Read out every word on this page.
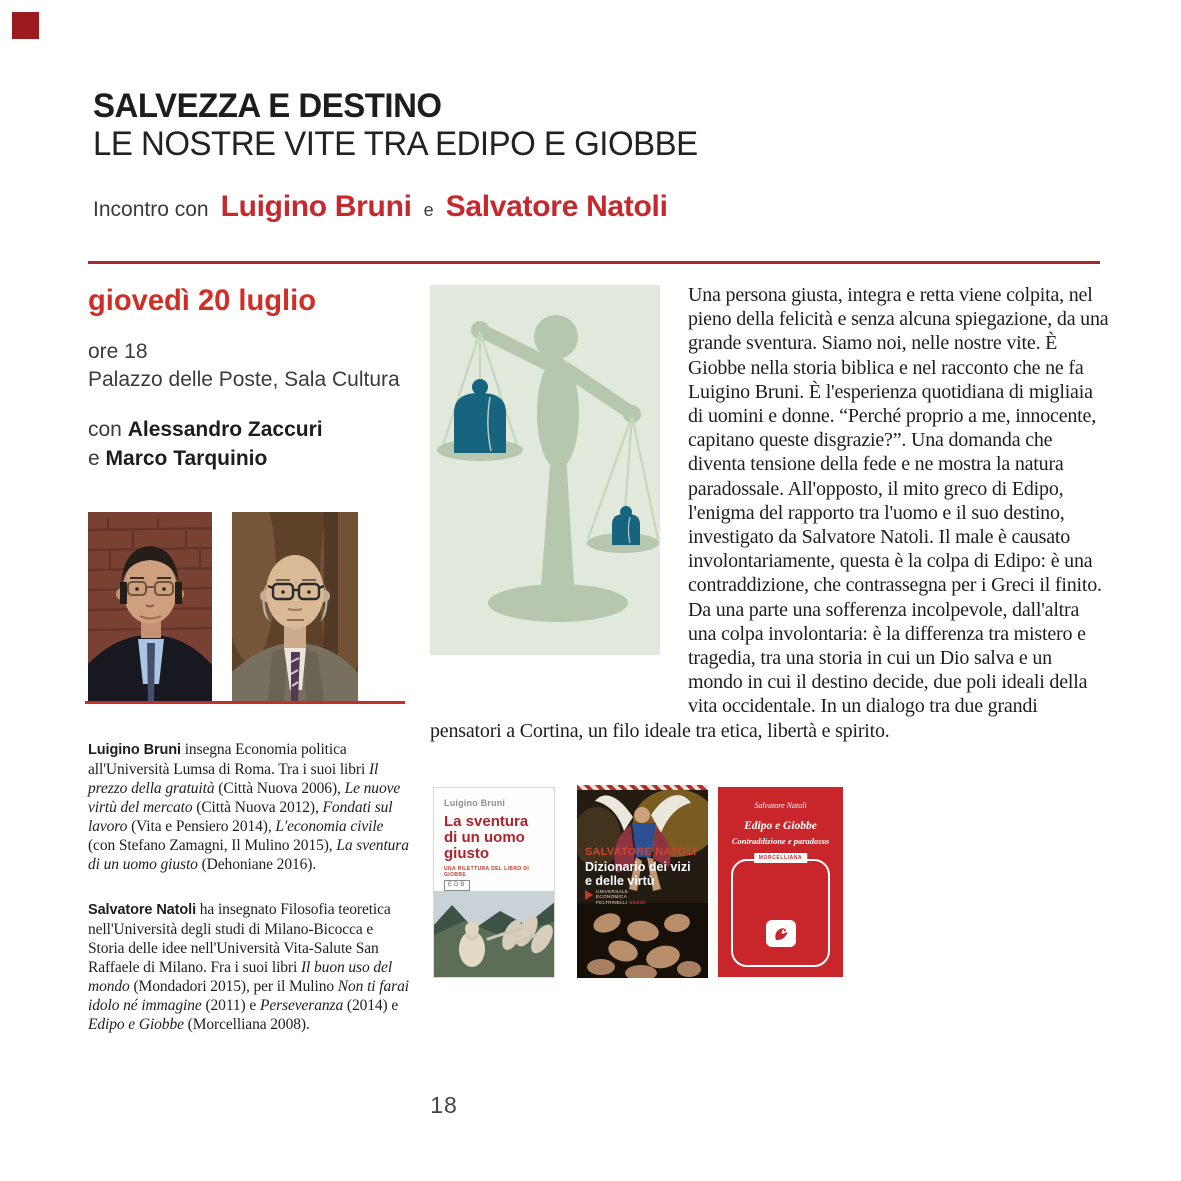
SALVEZZA E DESTINO
LE NOSTRE VITE TRA EDIPO E GIOBBE
Incontro con Luigino Bruni e Salvatore Natoli
giovedì 20 luglio
ore 18
Palazzo delle Poste, Sala Cultura
con Alessandro Zaccuri
e Marco Tarquinio

Luigino Bruni insegna Economia politica all'Università Lumsa di Roma. Tra i suoi libri Il prezzo della gratuità (Città Nuova 2006), Le nuove virtù del mercato (Città Nuova 2012), Fondati sul lavoro (Vita e Pensiero 2014), L'economia civile (con Stefano Zamagni, Il Mulino 2015), La sventura di un uomo giusto (Dehoniane 2016).

Salvatore Natoli ha insegnato Filosofia teoretica nell'Università degli studi di Milano-Bicocca e Storia delle idee nell'Università Vita-Salute San Raffaele di Milano. Fra i suoi libri Il buon uso del mondo (Mondadori 2015), per il Mulino Non ti farai idolo né immagine (2011) e Perseveranza (2014) e Edipo e Giobbe (Morcelliana 2008).

Una persona giusta, integra e retta viene colpita, nel pieno della felicità e senza alcuna spiegazione, da una grande sventura. Siamo noi, nelle nostre vite. È Giobbe nella storia biblica e nel racconto che ne fa Luigino Bruni. È l'esperienza quotidiana di migliaia di uomini e donne. “Perché proprio a me, innocente, capitano queste disgrazie?”. Una domanda che diventa tensione della fede e ne mostra la natura paradossale. All'opposto, il mito greco di Edipo, l'enigma del rapporto tra l'uomo e il suo destino, investigato da Salvatore Natoli. Il male è causato involontariamente, questa è la colpa di Edipo: è una contraddizione, che contrassegna per i Greci il finito. Da una parte una sofferenza incolpevole, dall'altra una colpa involontaria: è la differenza tra mistero e tragedia, tra una storia in cui un Dio salva e un mondo in cui il destino decide, due poli ideali della vita occidentale. In un dialogo tra due grandi pensatori a Cortina, un filo ideale tra etica, libertà e spirito.
Luigino Bruni
La sventura di un uomo giusto
UNA RILETTURA DEL LIBRO DI GIOBBE
EDB
SALVATORE NATOLI
Dizionario dei vizi
e delle virtù
UNIVERSALE
ECONOMICA
FELTRINELLI SAGGI
Salvatore Natoli
Edipo e Giobbe
Contraddizione e paradosso
MORCELLIANA
18
